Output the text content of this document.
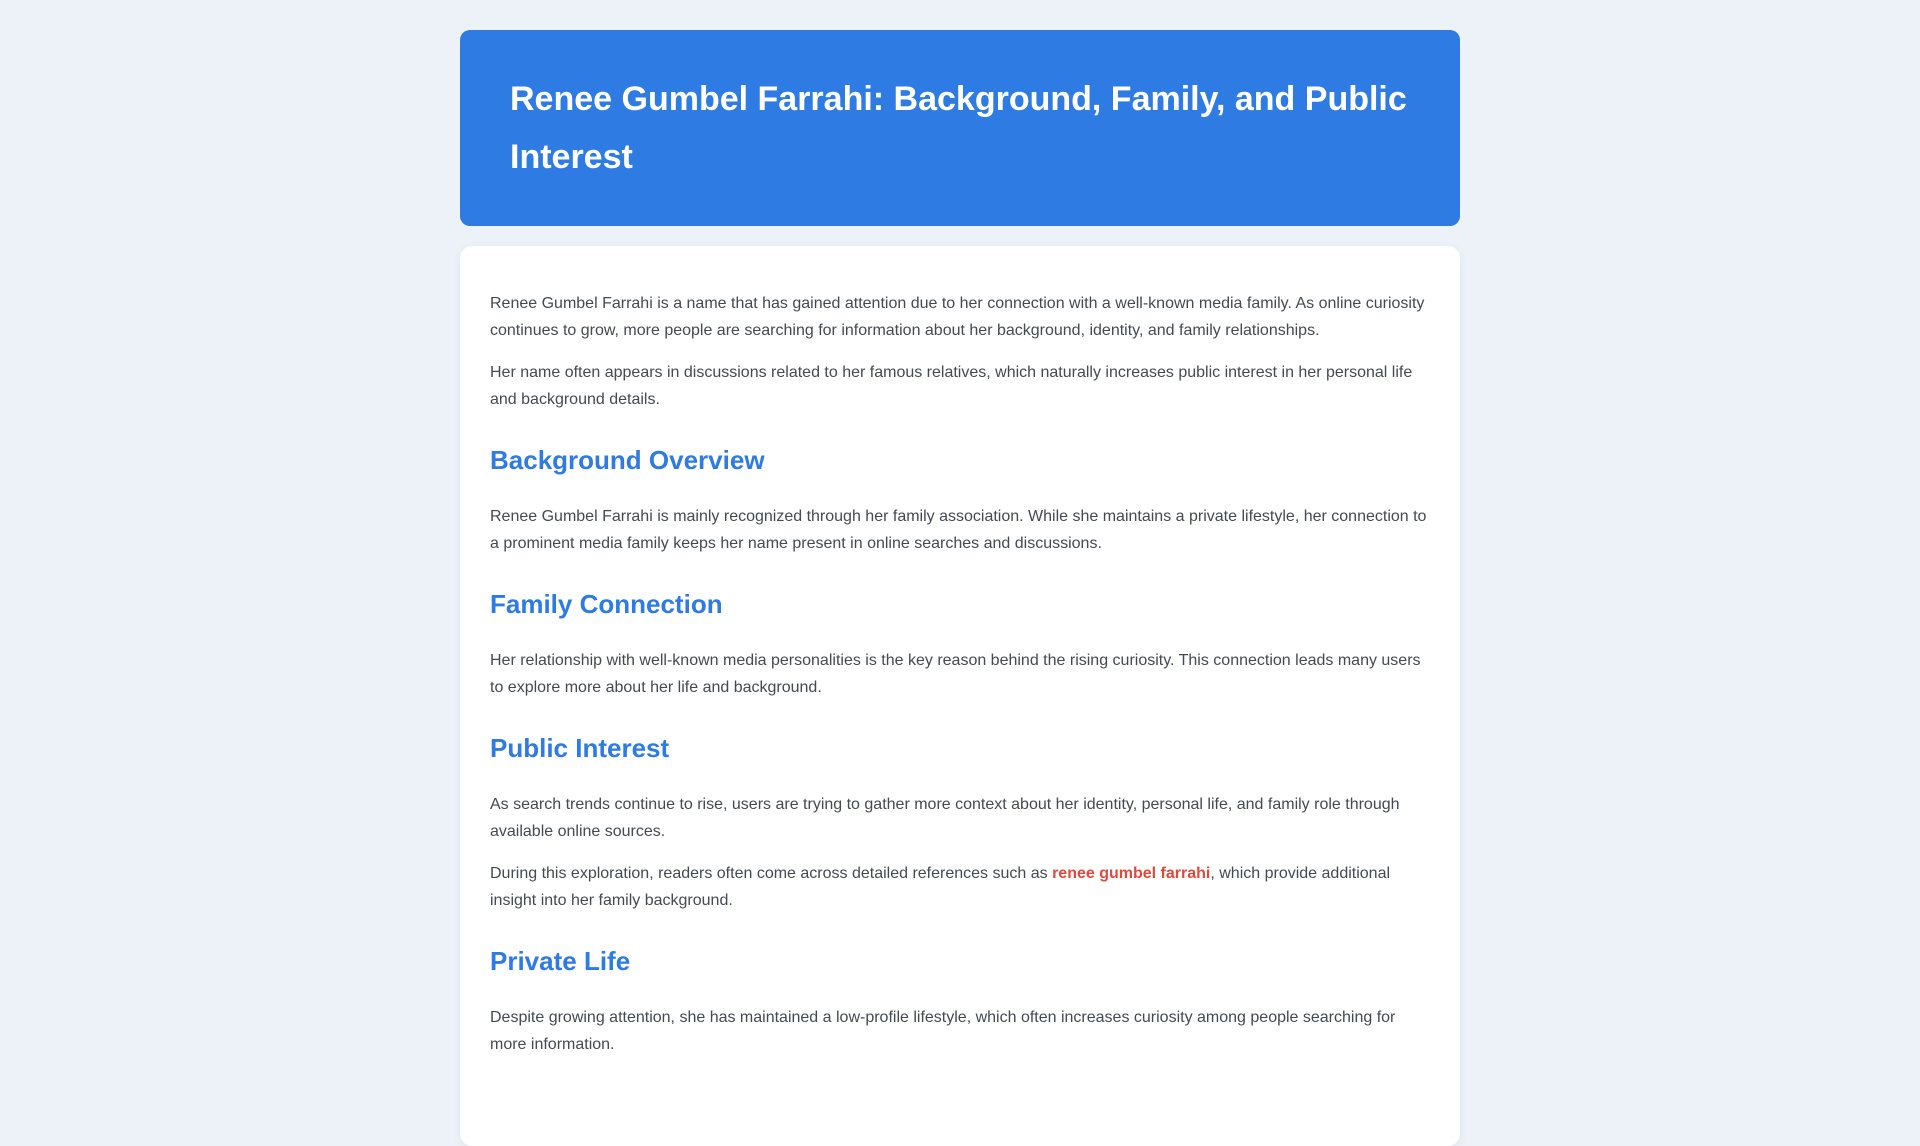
Renee Gumbel Farrahi: Background, Family, and Public Interest

Renee Gumbel Farrahi is a name that has gained attention due to her connection with a well-known media family. As online curiosity continues to grow, more people are searching for information about her background, identity, and family relationships.

Her name often appears in discussions related to her famous relatives, which naturally increases public interest in her personal life and background details.

Background Overview

Renee Gumbel Farrahi is mainly recognized through her family association. While she maintains a private lifestyle, her connection to a prominent media family keeps her name present in online searches and discussions.

Family Connection

Her relationship with well-known media personalities is the key reason behind the rising curiosity. This connection leads many users to explore more about her life and background.

Public Interest

As search trends continue to rise, users are trying to gather more context about her identity, personal life, and family role through available online sources.

During this exploration, readers often come across detailed references such as renee gumbel farrahi, which provide additional insight into her family background.

Private Life

Despite growing attention, she has maintained a low-profile lifestyle, which often increases curiosity among people searching for more information.
